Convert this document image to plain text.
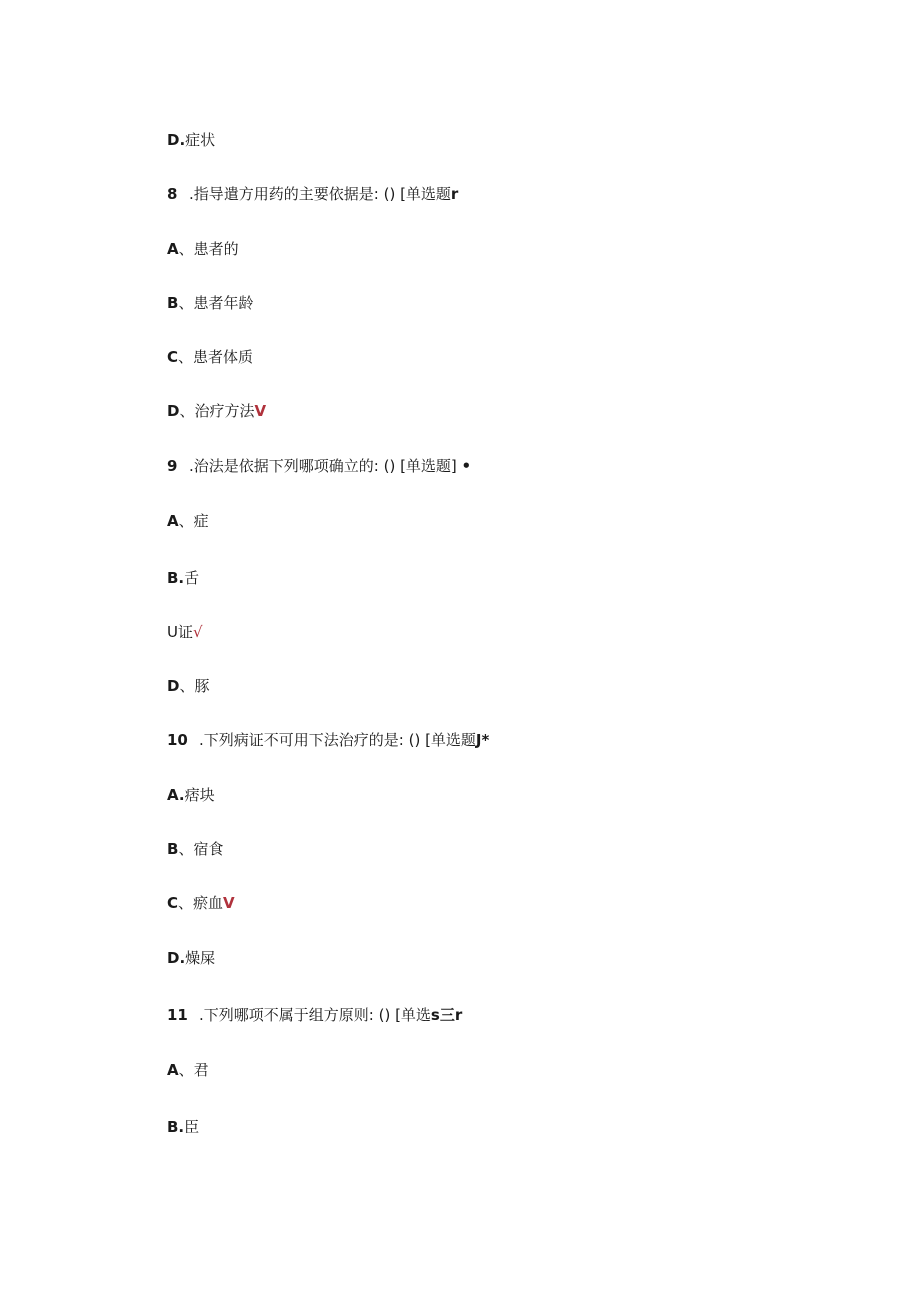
D.症状
8 .指导遣方用药的主要依据是: () [单选题r
A、患者的
B、患者年龄
C、患者体质
D、治疗方法V
9 .治法是依据下列哪项确立的: () [单选题] •
A、症
B.舌
U证√
D、豚
10 .下列病证不可用下法治疗的是: () [单选题J*
A.痞块
B、宿食
C、瘀血V
D.燥屎
11 .下列哪项不属于组方原则: () [单选s三r
A、君
B.臣
